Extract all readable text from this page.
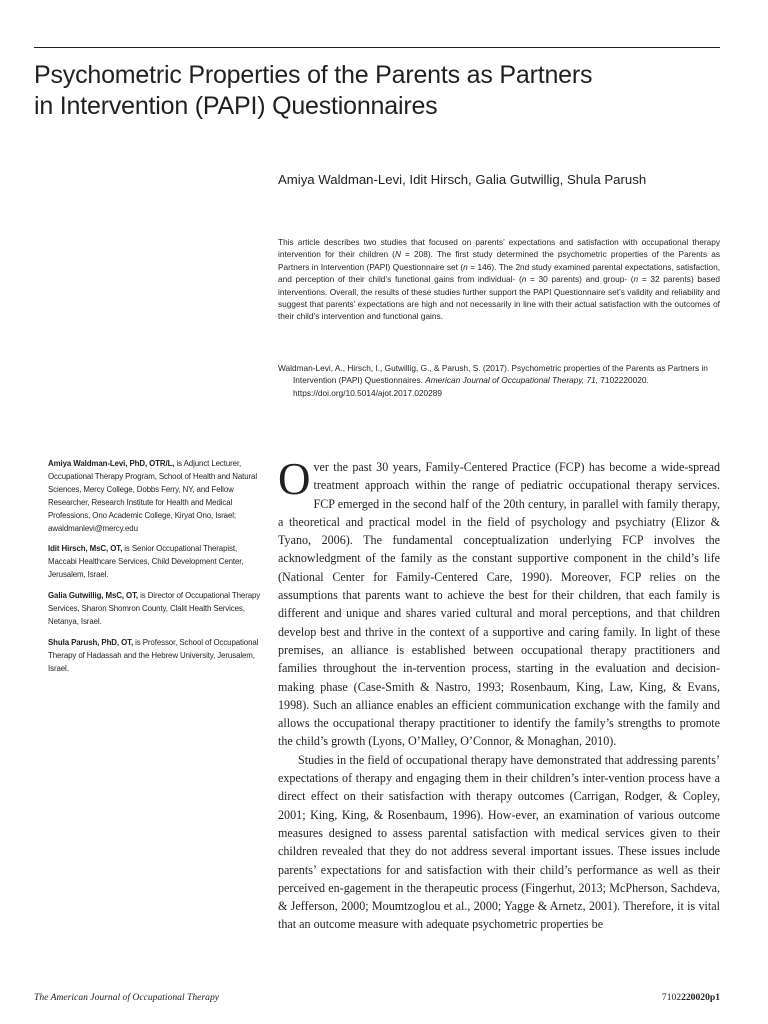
Psychometric Properties of the Parents as Partners
in Intervention (PAPI) Questionnaires

Amiya Waldman-Levi, Idit Hirsch, Galia Gutwillig, Shula Parush

This article describes two studies that focused on parents’ expectations and satisfaction with occupational therapy intervention for their children (N = 208). The first study determined the psychometric properties of the Parents as Partners in Intervention (PAPI) Questionnaire set (n = 146). The 2nd study examined parental expectations, satisfaction, and perception of their child’s functional gains from individual- (n = 30 parents) and group- (n = 32 parents) based interventions. Overall, the results of these studies further support the PAPI Questionnaire set’s validity and reliability and suggest that parents’ expectations are high and not necessarily in line with their actual satisfaction with the outcomes of their child’s intervention and functional gains.

Waldman-Levi, A., Hirsch, I., Gutwillig, G., & Parush, S. (2017). Psychometric properties of the Parents as Partners in Intervention (PAPI) Questionnaires. American Journal of Occupational Therapy, 71, 7102220020. https://doi.org/10.5014/ajot.2017.020289

Amiya Waldman-Levi, PhD, OTR/L, is Adjunct Lecturer, Occupational Therapy Program, School of Health and Natural Sciences, Mercy College, Dobbs Ferry, NY, and Fellow Researcher, Research Institute for Health and Medical Professions, Ono Academic College, Kiryat Ono, Israel; awaldmanlevi@mercy.edu

Idit Hirsch, MsC, OT, is Senior Occupational Therapist, Maccabi Healthcare Services, Child Development Center, Jerusalem, Israel.

Galia Gutwillig, MsC, OT, is Director of Occupational Therapy Services, Sharon Shomron County, Clalit Health Services, Netanya, Israel.

Shula Parush, PhD, OT, is Professor, School of Occupational Therapy of Hadassah and the Hebrew University, Jerusalem, Israel.

Over the past 30 years, Family-Centered Practice (FCP) has become a wide-spread treatment approach within the range of pediatric occupational therapy services. FCP emerged in the second half of the 20th century, in parallel with family therapy, a theoretical and practical model in the field of psychology and psychiatry (Elizor & Tyano, 2006). The fundamental conceptualization underlying FCP involves the acknowledgment of the family as the constant supportive component in the child’s life (National Center for Family-Centered Care, 1990). Moreover, FCP relies on the assumptions that parents want to achieve the best for their children, that each family is different and unique and shares varied cultural and moral perceptions, and that children develop best and thrive in the context of a supportive and caring family. In light of these premises, an alliance is established between occupational therapy practitioners and families throughout the in-tervention process, starting in the evaluation and decision-making phase (Case-Smith & Nastro, 1993; Rosenbaum, King, Law, King, & Evans, 1998). Such an alliance enables an efficient communication exchange with the family and allows the occupational therapy practitioner to identify the family’s strengths to promote the child’s growth (Lyons, O’Malley, O’Connor, & Monaghan, 2010).

Studies in the field of occupational therapy have demonstrated that addressing parents’ expectations of therapy and engaging them in their children’s inter-vention process have a direct effect on their satisfaction with therapy outcomes (Carrigan, Rodger, & Copley, 2001; King, King, & Rosenbaum, 1996). How-ever, an examination of various outcome measures designed to assess parental satisfaction with medical services given to their children revealed that they do not address several important issues. These issues include parents’ expectations for and satisfaction with their child’s performance as well as their perceived en-gagement in the therapeutic process (Fingerhut, 2013; McPherson, Sachdeva, & Jefferson, 2000; Moumtzoglou et al., 2000; Yagge & Arnetz, 2001). Therefore, it is vital that an outcome measure with adequate psychometric properties be

The American Journal of Occupational Therapy	7102220020p1
